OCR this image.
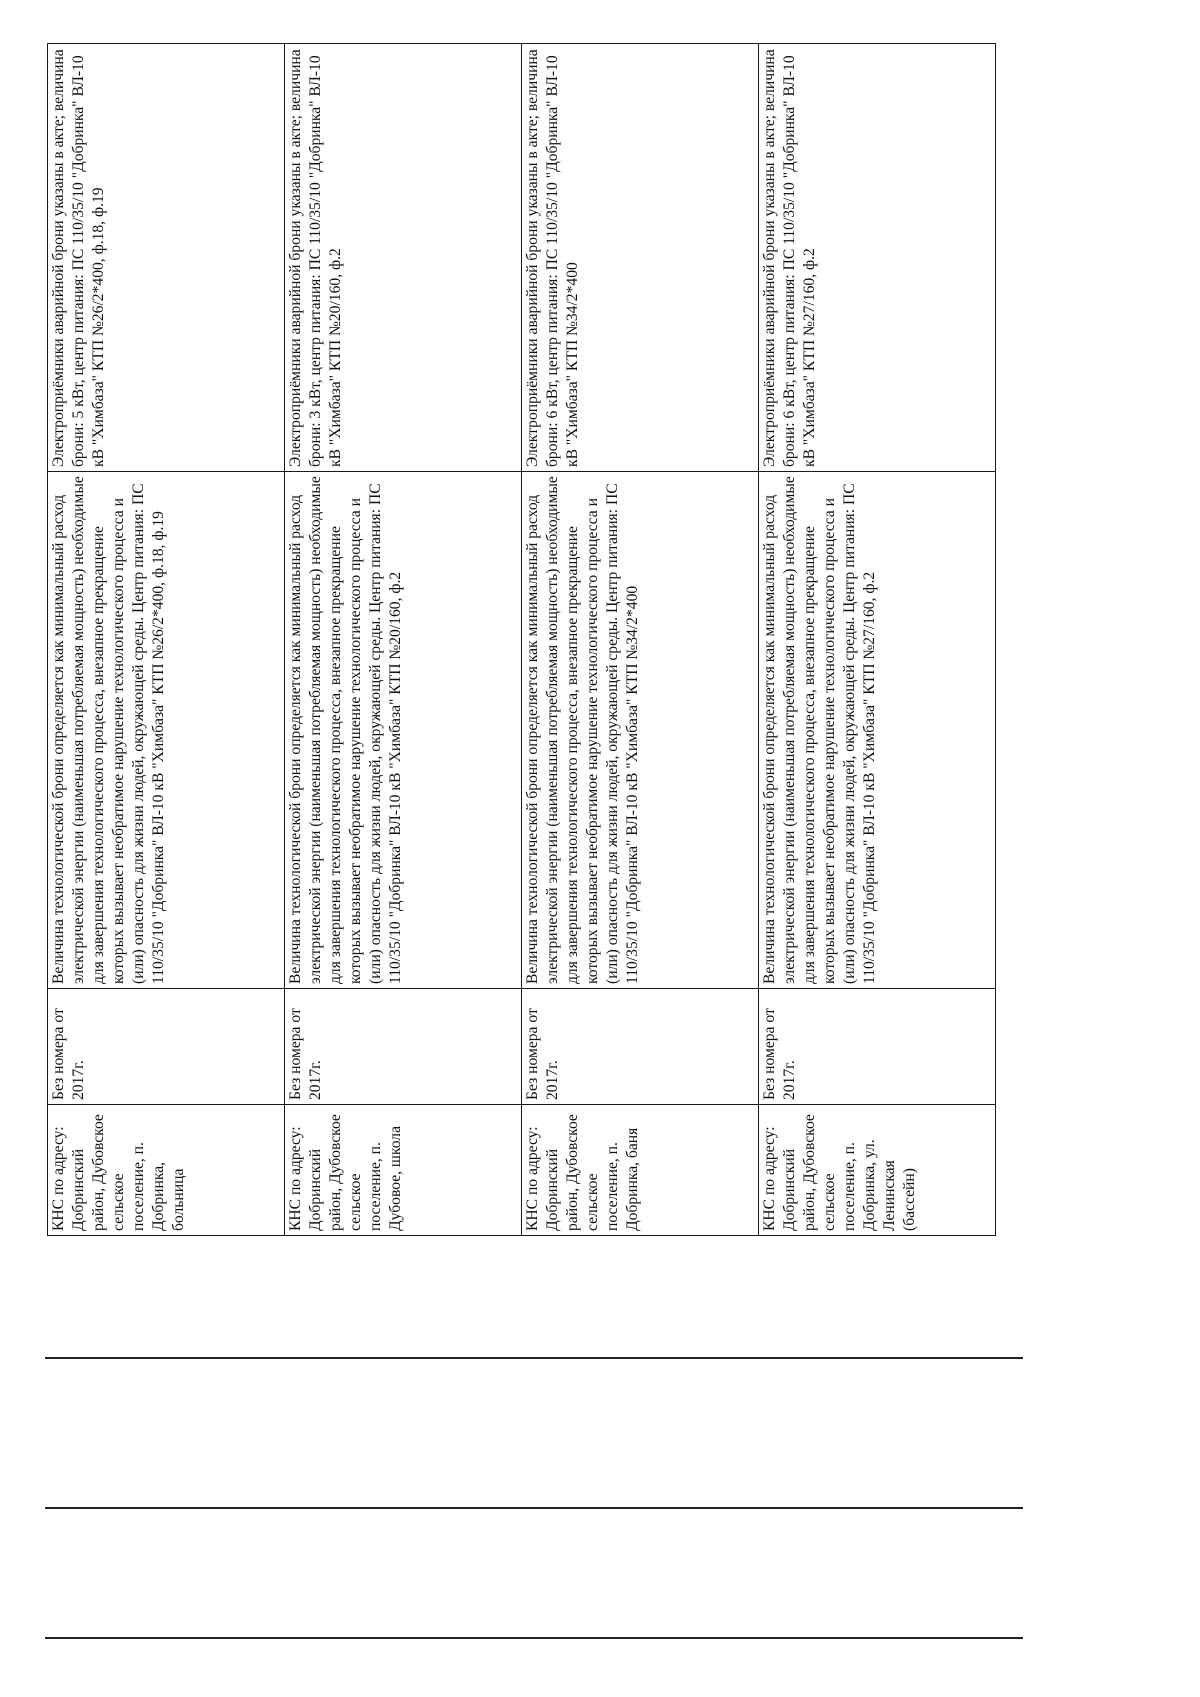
КНС по адресу: Добринский район, Дубовское сельское поселение, п. Добринка, больница	Без номера от 2017г.	Величина технологической брони определяется как минимальный расход электрической энергии (наименьшая потребляемая мощность) необходимые для завершения технологического процесса, внезапное прекращение которых вызывает необратимое нарушение технологического процесса и (или) опасность для жизни людей, окружающей среды. Центр питания: ПС 110/35/10 "Добринка" ВЛ-10 кВ "Химбаза" КТП №26/2*400, ф.18, ф.19	Электроприёмники аварийной брони указаны в акте; величина брони: 5 кВт, центр питания: ПС 110/35/10 "Добринка" ВЛ-10 кВ "Химбаза" КТП №26/2*400, ф.18, ф.19
КНС по адресу: Добринский район, Дубовское сельское поселение, п. Дубовое, школа	Без номера от 2017г.	Величина технологической брони определяется как минимальный расход электрической энергии (наименьшая потребляемая мощность) необходимые для завершения технологического процесса, внезапное прекращение которых вызывает необратимое нарушение технологического процесса и (или) опасность для жизни людей, окружающей среды. Центр питания: ПС 110/35/10 "Добринка" ВЛ-10 кВ "Химбаза" КТП №20/160, ф.2	Электроприёмники аварийной брони указаны в акте; величина брони: 3 кВт, центр питания: ПС 110/35/10 "Добринка" ВЛ-10 кВ "Химбаза" КТП №20/160, ф.2
КНС по адресу: Добринский район, Дубовское сельское поселение, п. Добринка, баня	Без номера от 2017г.	Величина технологической брони определяется как минимальный расход электрической энергии (наименьшая потребляемая мощность) необходимые для завершения технологического процесса, внезапное прекращение которых вызывает необратимое нарушение технологического процесса и (или) опасность для жизни людей, окружающей среды. Центр питания: ПС 110/35/10 "Добринка" ВЛ-10 кВ "Химбаза" КТП №34/2*400	Электроприёмники аварийной брони указаны в акте; величина брони: 6 кВт, центр питания: ПС 110/35/10 "Добринка" ВЛ-10 кВ "Химбаза" КТП №34/2*400
КНС по адресу: Добринский район, Дубовское сельское поселение, п. Добринка, ул. Ленинская (бассейн)	Без номера от 2017г.	Величина технологической брони определяется как минимальный расход электрической энергии (наименьшая потребляемая мощность) необходимые для завершения технологического процесса, внезапное прекращение которых вызывает необратимое нарушение технологического процесса и (или) опасность для жизни людей, окружающей среды. Центр питания: ПС 110/35/10 "Добринка" ВЛ-10 кВ "Химбаза" КТП №27/160, ф.2	Электроприёмники аварийной брони указаны в акте; величина брони: 6 кВт, центр питания: ПС 110/35/10 "Добринка" ВЛ-10 кВ "Химбаза" КТП №27/160, ф.2
